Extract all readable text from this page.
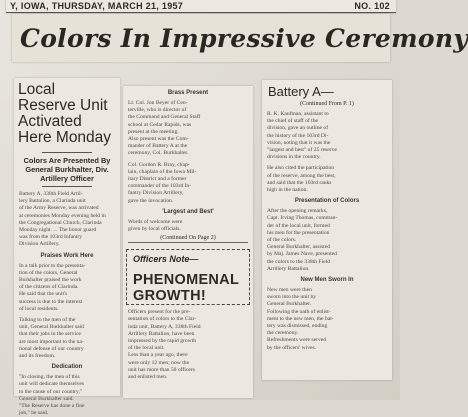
Y, IOWA, THURSDAY, MARCH 21, 1957	NO. 102
Colors In Impressive Ceremony
Local Reserve Unit Activated Here Monday
Colors Are Presented By General Burkhalter, Div. Artillery Officer
Battery A, 338th Field Artil-
lery Battalion, a Clarinda unit
of the Army Reserve, was activated
at ceremonies Monday evening held in
the Congregational Church, Clarinda
Monday night. ... The honor guard
was from the 103rd Infantry
Division Artillery.
Praises Work Here
In a talk prior to the presenta-
tion of the colors, General
Burkhalter praised the work
of the citizens of Clarinda.
He said that the unit's
success is due to the interest
of local residents.
Talking to the men of the
unit, General Burkhalter said
that their jobs in the service
are most important to the na-
tional defense of our country
and its freedom.
Dedication
"In closing, the men of this
unit will dedicate themselves
to the cause of our country,"
General Burkhalter said.
"The Reserve has done a fine
job," he said.
Brass Present
Lt. Col. Jon Beyer of Cen-
terville, who is director of
the Command and General Staff
school at Cedar Rapids, was
present at the meeting.
Also present was the Com-
mander of Battery A at the
ceremony, Col. Burkhalter.
Col. Gordon R. Bray, chap-
lain, chaplain of the Iowa Mil-
itary District and a former
commander of the 103rd In-
fantry Division Artillery,
gave the invocation.
'Largest and Best'
Words of welcome were
given by local officials.
(Continued On Page 2)
Officers Note—
PHENOMENAL GROWTH!
Officers present for the pre-
sentation of colors to the Clar-
inda unit, Battery A, 338th Field
Artillery Battalion, have been
impressed by the rapid growth
of the local unit.
Less than a year ago, there
were only 12 men; now the
unit has more than 50 officers
and enlisted men.
Battery A—
(Continued From P. 1)
R. K. Kaufman, assistant to
the chief of staff of the
division, gave an outline of
the history of the 103rd Di-
vision, noting that it was the
"largest and best" of 25 reserve
divisions in the country.
He also cited the participation
of the reserve, among the best,
and said that the 103rd ranks
high in the nation.
Presentation of Colors
After the opening remarks,
Capt. Irving Thomas, comman-
der of the local unit, formed
his men for the presentation
of the colors.
General Burkhalter, assisted
by Maj. James Nave, presented
the colors to the 338th Field
Artillery Battalion.
New Men Sworn In
New men were then
sworn into the unit by
General Burkhalter.
Following the oath of enlist-
ment to the new men, the bat-
tery was dismissed, ending
the ceremony.
Refreshments were served
by the officers' wives.
